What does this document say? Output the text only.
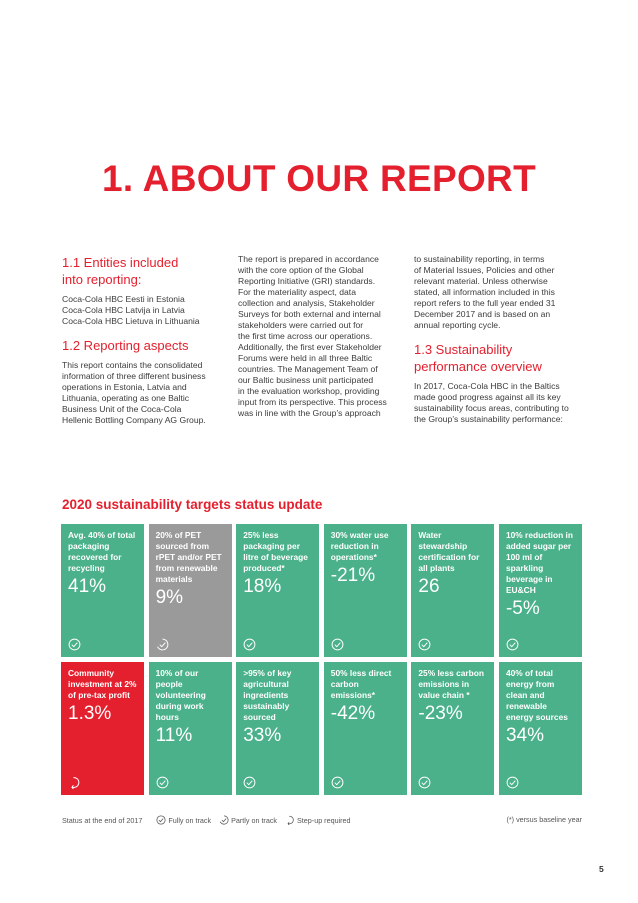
1. ABOUT OUR REPORT
1.1 Entities included
into reporting:

Coca-Cola HBC Eesti in Estonia
Coca-Cola HBC Latvija in Latvia
Coca-Cola HBC Lietuva in Lithuania

1.2 Reporting aspects

This report contains the consolidated
information of three different business
operations in Estonia, Latvia and
Lithuania, operating as one Baltic
Business Unit of the Coca-Cola
Hellenic Bottling Company AG Group.

The report is prepared in accordance
with the core option of the Global
Reporting Initiative (GRI) standards.
For the materiality aspect, data
collection and analysis, Stakeholder
Surveys for both external and internal
stakeholders were carried out for
the first time across our operations.
Additionally, the first ever Stakeholder
Forums were held in all three Baltic
countries. The Management Team of
our Baltic business unit participated
in the evaluation workshop, providing
input from its perspective. This process
was in line with the Group’s approach

to sustainability reporting, in terms
of Material Issues, Policies and other
relevant material. Unless otherwise
stated, all information included in this
report refers to the full year ended 31
December 2017 and is based on an
annual reporting cycle.

1.3 Sustainability
performance overview

In 2017, Coca-Cola HBC in the Baltics
made good progress against all its key
sustainability focus areas, contributing to
the Group’s sustainability performance:

2020 sustainability targets status update
Avg. 40% of total packaging recovered for recycling
41%
20% of PET sourced from rPET and/or PET from renewable materials
9%
25% less packaging per litre of beverage produced*
18%
30% water use reduction in operations*
-21%
Water stewardship certification for all plants
26
10% reduction in added sugar per 100 ml of sparkling beverage in EU&CH
-5%
Community investment at 2% of pre-tax profit
1.3%
10% of our people volunteering during work hours
11%
>95% of key agricultural ingredients sustainably sourced
33%
50% less direct carbon emissions*
-42%
25% less carbon emissions in value chain *
-23%
40% of total energy from clean and renewable energy sources
34%
Status at the end of 2017	Fully on track	Partly on track	Step-up required	(*) versus baseline year
5
